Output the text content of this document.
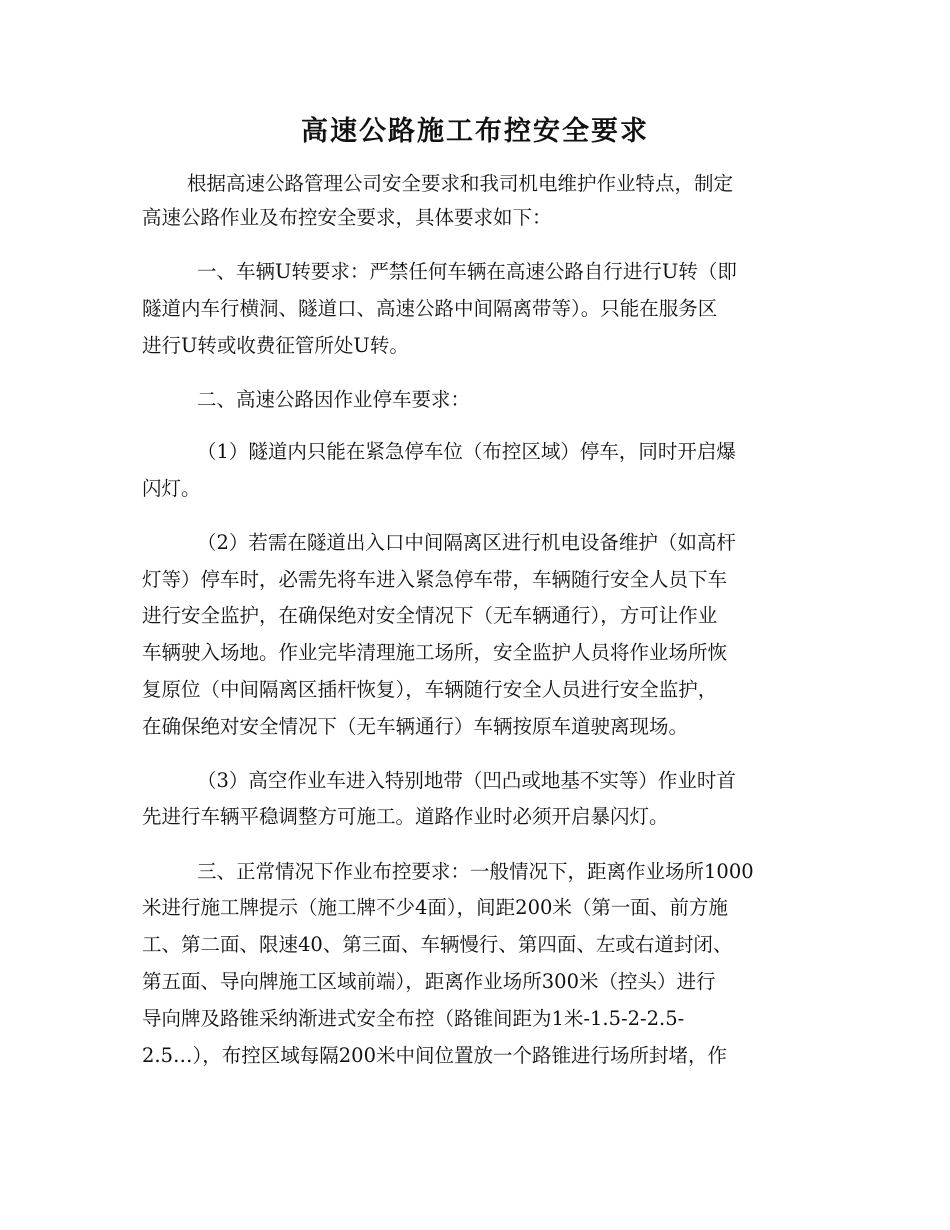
高速公路施工布控安全要求
根据高速公路管理公司安全要求和我司机电维护作业特点，制定
高速公路作业及布控安全要求，具体要求如下：
一、车辆U转要求：严禁任何车辆在高速公路自行进行U转（即
隧道内车行横洞、隧道口、高速公路中间隔离带等）。只能在服务区
进行U转或收费征管所处U转。
二、高速公路因作业停车要求：
（1）隧道内只能在紧急停车位（布控区域）停车，同时开启爆
闪灯。
（2）若需在隧道出入口中间隔离区进行机电设备维护（如高杆
灯等）停车时，必需先将车进入紧急停车带，车辆随行安全人员下车
进行安全监护，在确保绝对安全情况下（无车辆通行），方可让作业
车辆驶入场地。作业完毕清理施工场所，安全监护人员将作业场所恢
复原位（中间隔离区插杆恢复），车辆随行安全人员进行安全监护，
在确保绝对安全情况下（无车辆通行）车辆按原车道驶离现场。
（3）高空作业车进入特别地带（凹凸或地基不实等）作业时首
先进行车辆平稳调整方可施工。道路作业时必须开启暴闪灯。
三、正常情况下作业布控要求：一般情况下，距离作业场所1000
米进行施工牌提示（施工牌不少4面），间距200米（第一面、前方施
工、第二面、限速40、第三面、车辆慢行、第四面、左或右道封闭、
第五面、导向牌施工区域前端），距离作业场所300米（控头）进行
导向牌及路锥采纳渐进式安全布控（路锥间距为1米-1.5-2-2.5-
2.5…），布控区域每隔200米中间位置放一个路锥进行场所封堵，作
